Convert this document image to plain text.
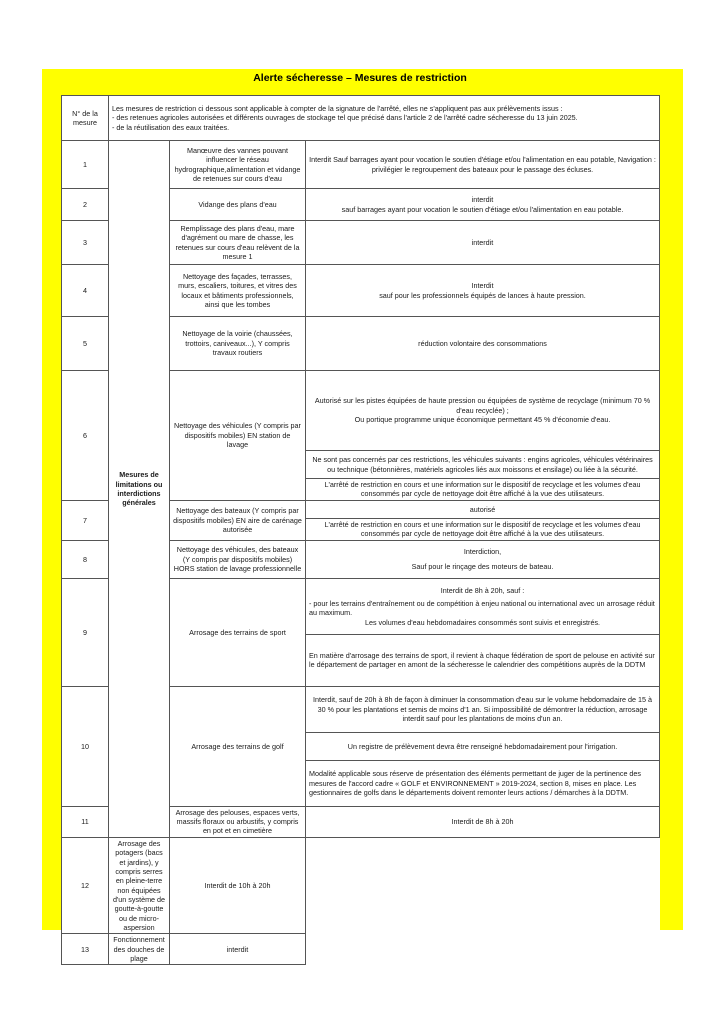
Alerte sécheresse – Mesures de restriction
N° de la mesure	Les mesures de restriction ci dessous sont applicable à compter de la signature de l'arrêté, elles ne s'appliquent pas aux prélèvements issus :
- des retenues agricoles autorisées et différents ouvrages de stockage tel que précisé dans l'article 2 de l'arrêté cadre sécheresse du 13 juin 2025.
- de la réutilisation des eaux traitées.		

1	Mesures de limitations ou interdictions générales	Manœuvre des vannes pouvant influencer le réseau hydrographique,alimentation et vidange de retenues sur cours d'eau	Interdit Sauf barrages ayant pour vocation le soutien d'étiage et/ou l'alimentation en eau potable, Navigation : privilégier le regroupement des bateaux pour le passage des écluses.
2		Vidange des plans d'eau	interdit
sauf barrages ayant pour vocation le soutien d'étiage et/ou l'alimentation en eau potable.

3		Remplissage des plans d'eau, mare d'agrément ou mare de chasse, les retenues sur cours d'eau relèvent de la mesure 1	interdit
4		Nettoyage des façades, terrasses, murs, escaliers, toitures, et vitres des locaux et bâtiments professionnels, ainsi que les tombes	Interdit
sauf pour les professionnels équipés de lances à haute pression.

5		Nettoyage de la voirie (chaussées, trottoirs, caniveaux...), Y compris travaux routiers	réduction volontaire des consommations
6		Nettoyage des véhicules (Y compris par dispositifs mobiles) EN station de lavage	Autorisé sur les pistes équipées de haute pression ou équipées de système de recyclage (minimum 70 % d'eau recyclée) ;
Ou portique programme unique économique permettant 45 % d'économie d'eau.

			Ne sont pas concernés par ces restrictions, les véhicules suivants : engins agricoles, véhicules vétérinaires ou technique (bétonnières, matériels agricoles liés aux moissons et ensilage) ou liée à la sécurité.
			L'arrêté de restriction en cours et une information sur le dispositif de recyclage et les volumes d'eau consommés par cycle de nettoyage doit être affiché à la vue des utilisateurs.
7		Nettoyage des bateaux (Y compris par dispositifs mobiles) EN aire de carénage autorisée	autorisé
			L'arrêté de restriction en cours et une information sur le dispositif de recyclage et les volumes d'eau consommés par cycle de nettoyage doit être affiché à la vue des utilisateurs.
8		Nettoyage des véhicules, des bateaux (Y compris par dispositifs mobiles) HORS station de lavage professionnelle	Interdiction,
Sauf pour le rinçage des moteurs de bateau.

9		Arrosage des terrains de sport	Interdit de 8h à 20h, sauf :
- pour les terrains d'entraînement ou de compétition à enjeu national ou international avec un arrosage réduit au maximum.
Les volumes d'eau hebdomadaires consommés sont suivis et enregistrés.

			En matière d'arrosage des terrains de sport, il revient à chaque fédération de sport de pelouse en activité sur le département de partager en amont de la sécheresse le calendrier des compétitions auprès de la DDTM
10		Arrosage des terrains de golf	Interdit, sauf de 20h à 8h de façon à diminuer la consommation d'eau sur le volume hebdomadaire de 15 à 30 % pour les plantations et semis de moins d'1 an. Si impossibilité de démontrer la réduction, arrosage interdit sauf pour les plantations de moins d'un an.
			Un registre de prélèvement devra être renseigné hebdomadairement pour l'irrigation.
			Modalité applicable sous réserve de présentation des éléments permettant de juger de la pertinence des mesures de l'accord cadre « GOLF et ENVIRONNEMENT » 2019-2024, section 8, mises en place. Les gestionnaires de golfs dans le départements doivent remonter leurs actions / démarches à la DDTM.
11		Arrosage des pelouses, espaces verts, massifs floraux ou arbustifs, y compris en pot et en cimetière	Interdit de 8h à 20h
12	Arrosage des potagers (bacs et jardins), y compris serres en pleine-terre non équipées d'un système de goutte-à-goutte ou de micro-aspersion	Interdit de 10h à 20h	
13	Fonctionnement des douches de plage	interdit	
